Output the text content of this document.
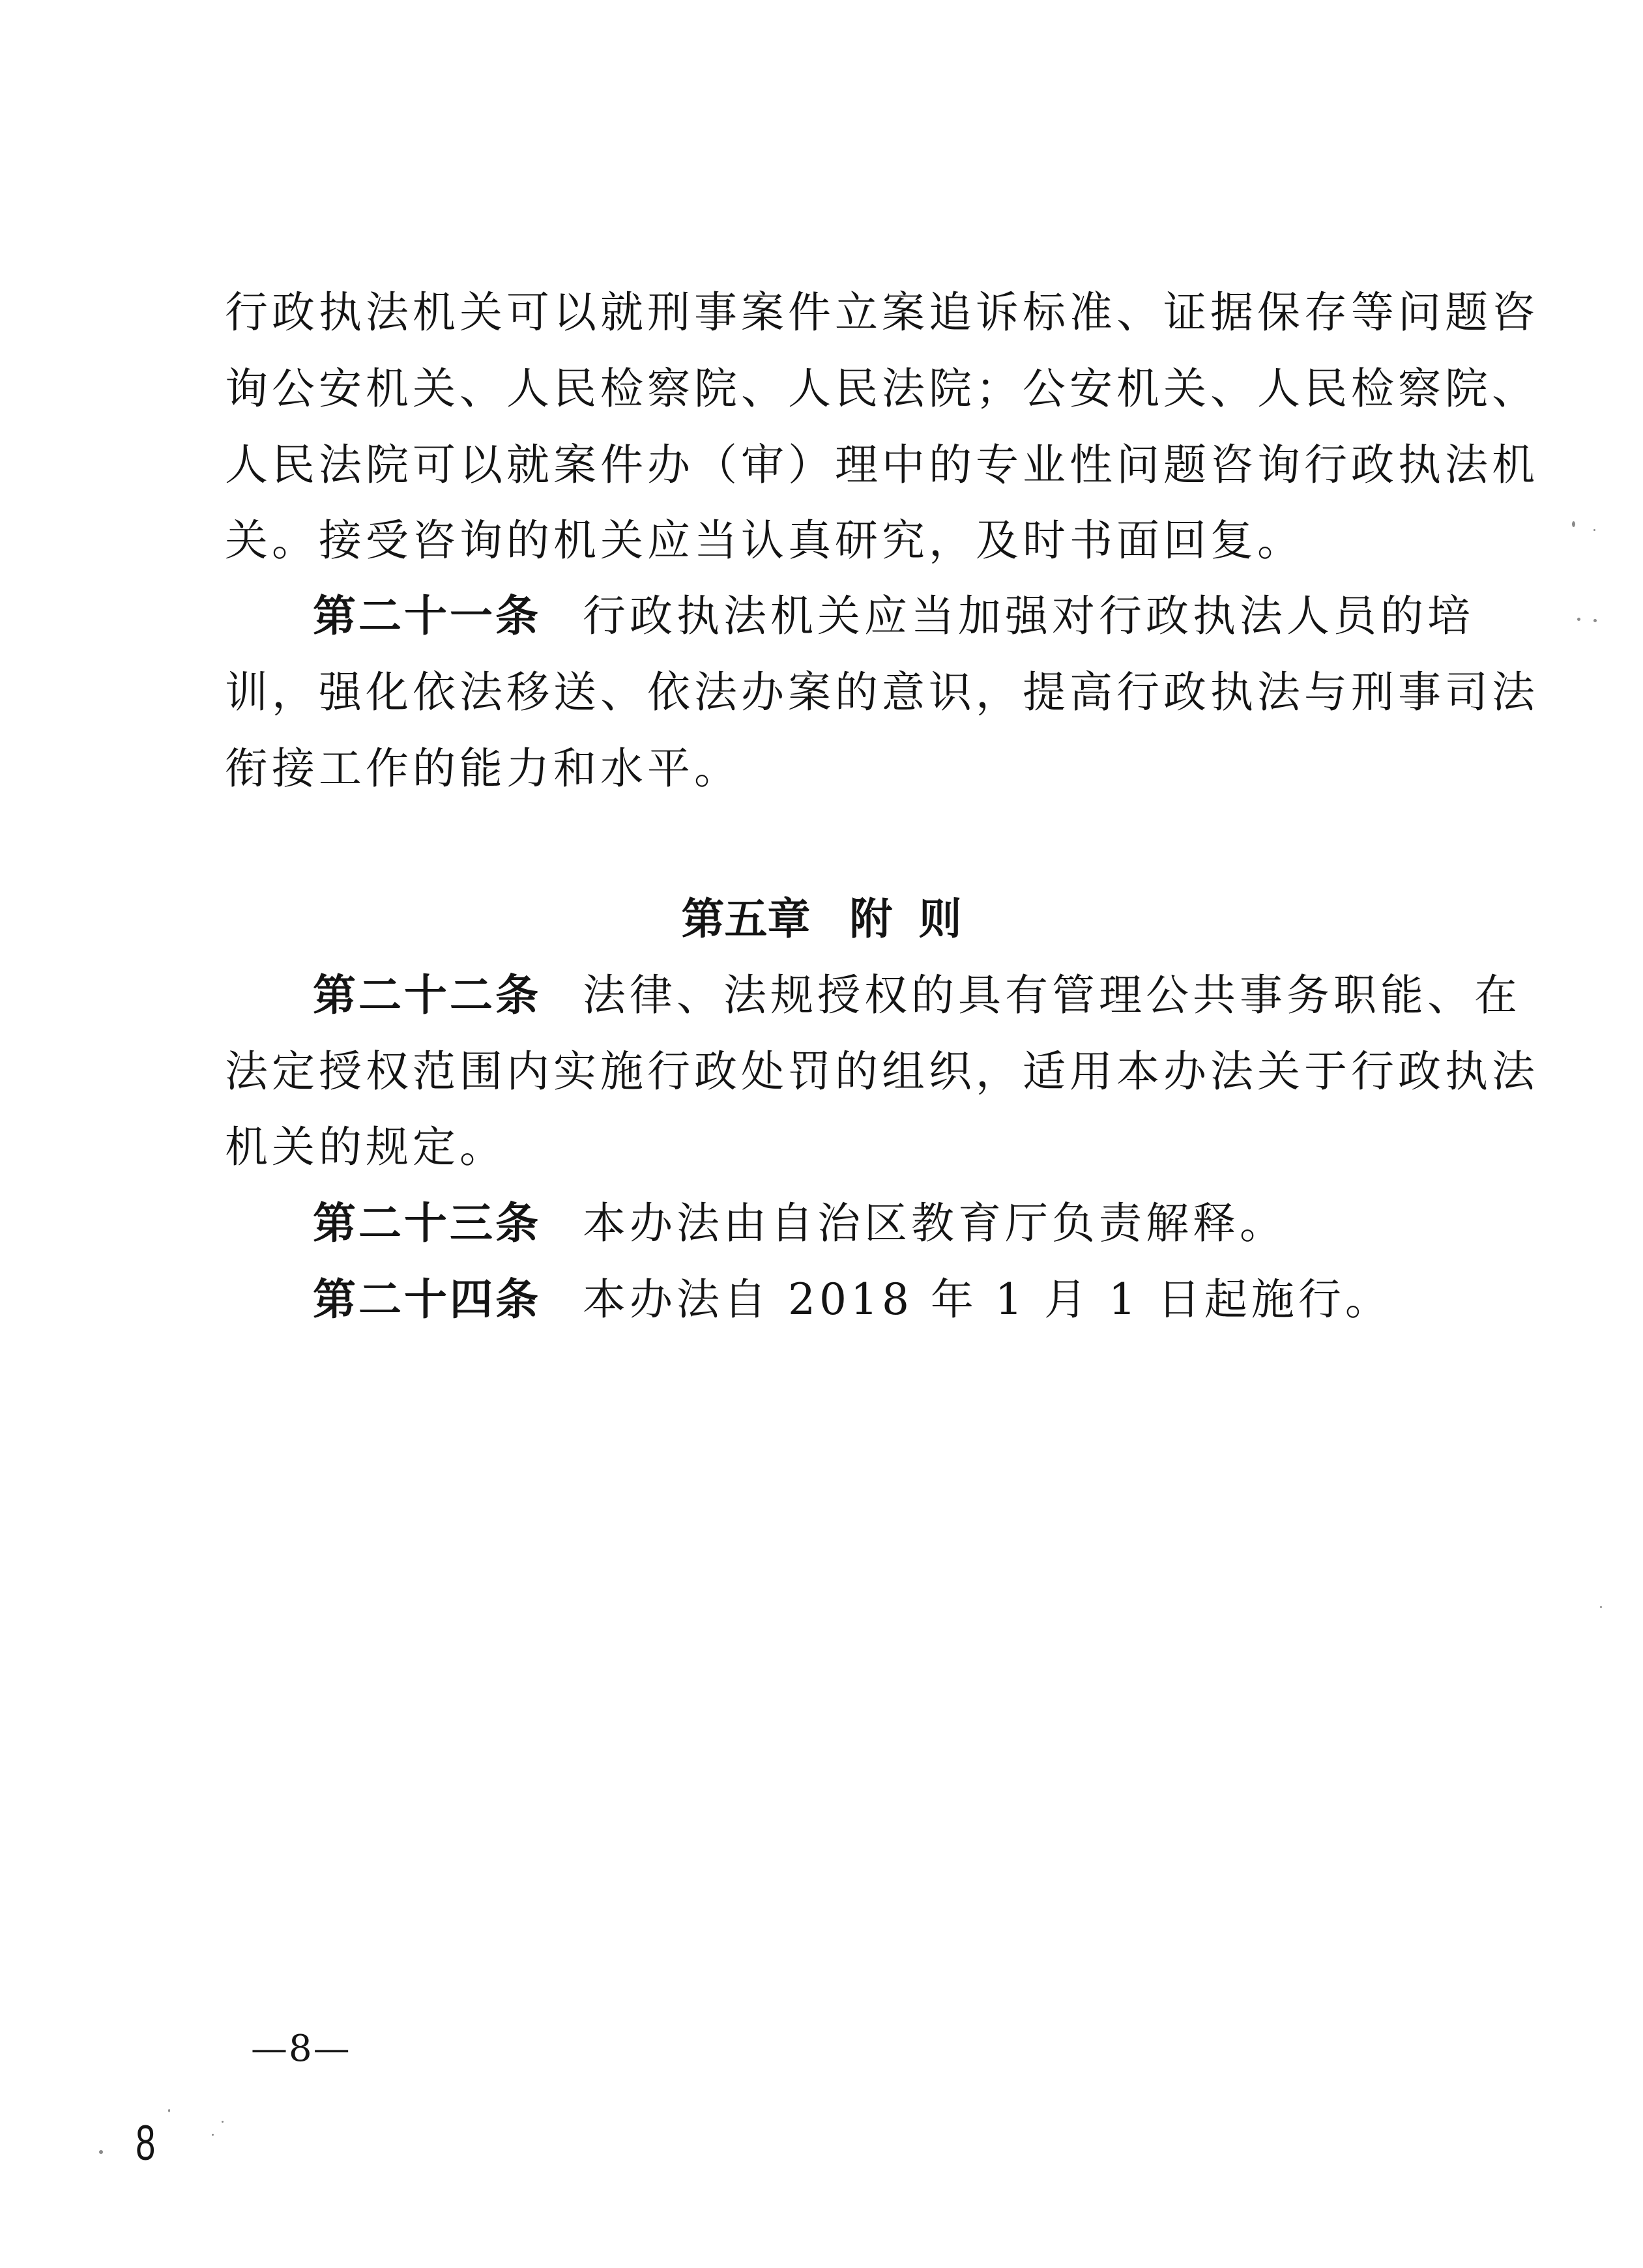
行政执法机关可以就刑事案件立案追诉标准、证据保存等问题咨
询公安机关、人民检察院、人民法院；公安机关、人民检察院、
人民法院可以就案件办（审）理中的专业性问题咨询行政执法机
关。接受咨询的机关应当认真研究，及时书面回复。
第二十一条 行政执法机关应当加强对行政执法人员的培
训，强化依法移送、依法办案的意识，提高行政执法与刑事司法
衔接工作的能力和水平。
第五章 附 则
第二十二条 法律、法规授权的具有管理公共事务职能、在
法定授权范围内实施行政处罚的组织，适用本办法关于行政执法
机关的规定。
第二十三条 本办法由自治区教育厅负责解释。
第二十四条 本办法自 2018 年 1 月 1 日起施行。
—8—
8
